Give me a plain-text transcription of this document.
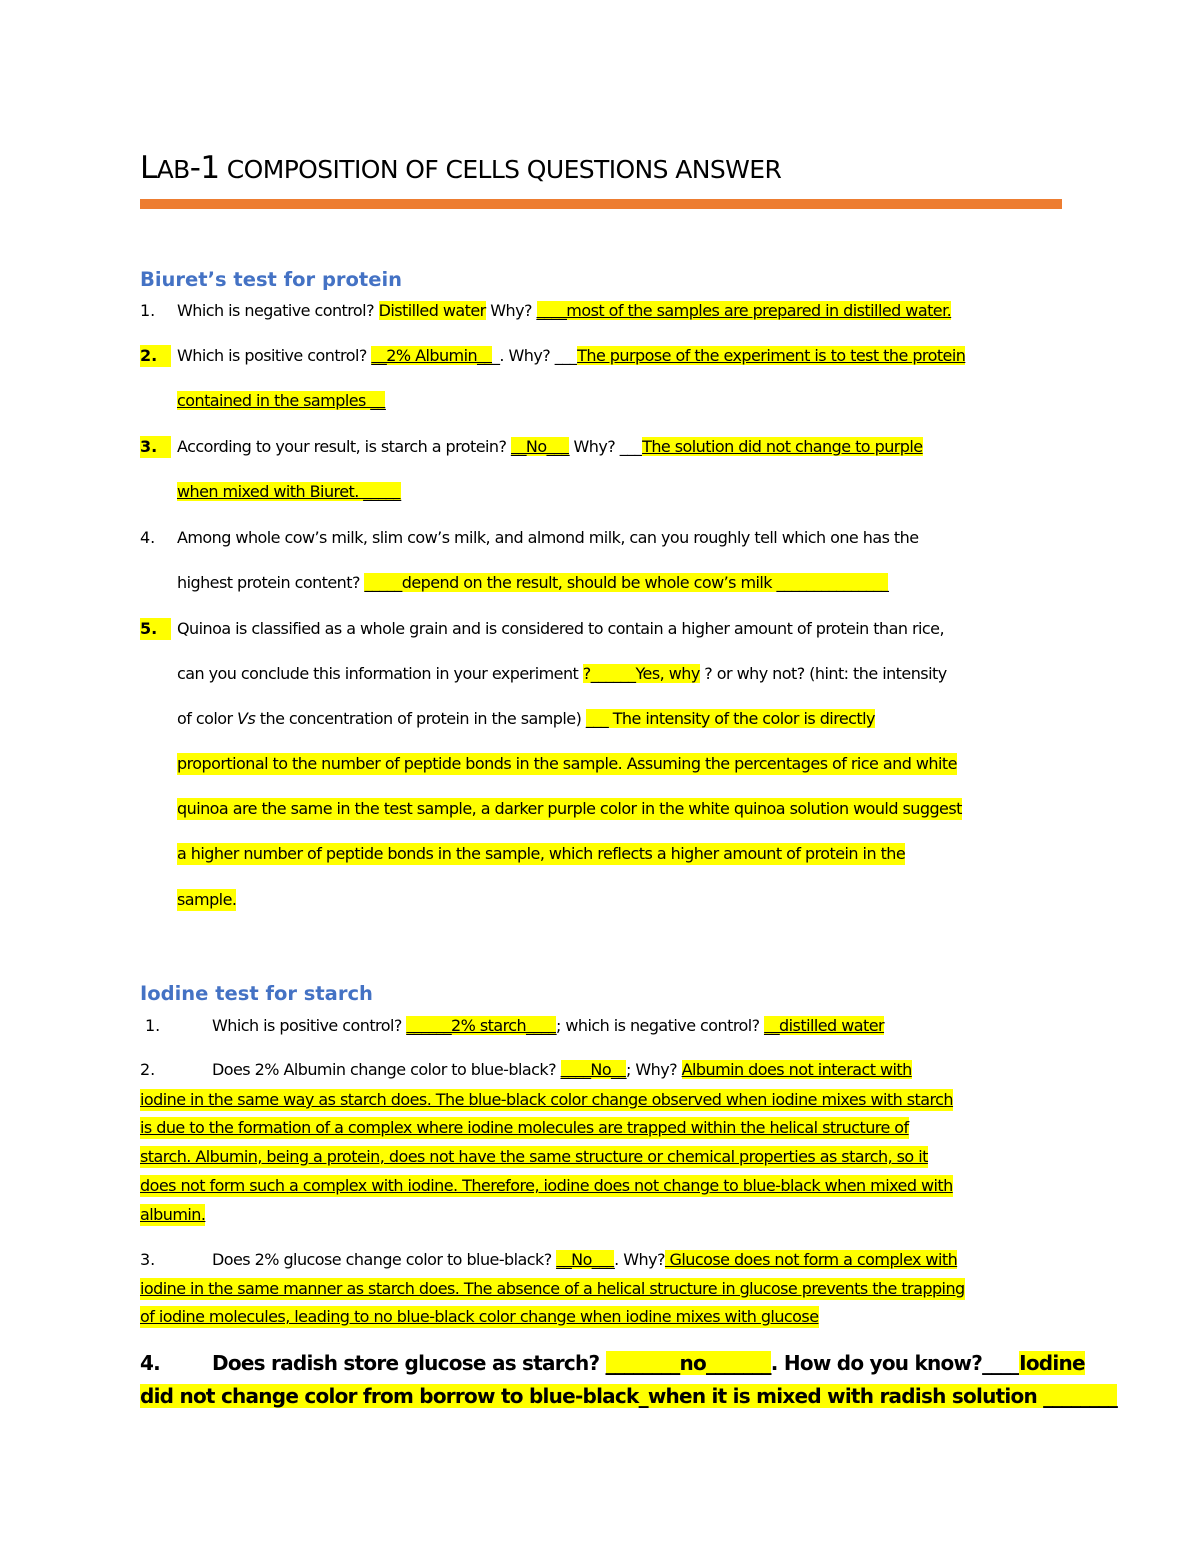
LAB-1 COMPOSITION OF CELLS QUESTIONS ANSWER
Biuret’s test for protein
1. Which is negative control? Distilled water Why? ____most of the samples are prepared in distilled water.
2.	Which is positive control? __2% Albumin___. Why? ___The purpose of the experiment is to test the protein
contained in the samples __
3.	According to your result, is starch a protein? __No___ Why? ___The solution did not change to purple
when mixed with Biuret. _____
4. Among whole cow’s milk, slim cow’s milk, and almond milk, can you roughly tell which one has the
highest protein content? _____depend on the result, should be whole cow’s milk _______________
5.	Quinoa is classified as a whole grain and is considered to contain a higher amount of protein than rice,
can you conclude this information in your experiment ?______Yes, why ? or why not? (hint: the intensity
of color Vs the concentration of protein in the sample) ___ The intensity of the color is directly
proportional to the number of peptide bonds in the sample. Assuming the percentages of rice and white
quinoa are the same in the test sample, a darker purple color in the white quinoa solution would suggest
a higher number of peptide bonds in the sample, which reflects a higher amount of protein in the
sample.
Iodine test for starch
1.	Which is positive control? ______2% starch____; which is negative control? __distilled water
2.	Does 2% Albumin change color to blue-black? ____No__; Why? Albumin does not interact with
iodine in the same way as starch does. The blue-black color change observed when iodine mixes with starch
is due to the formation of a complex where iodine molecules are trapped within the helical structure of
starch. Albumin, being a protein, does not have the same structure or chemical properties as starch, so it
does not form such a complex with iodine. Therefore, iodine does not change to blue-black when mixed with
albumin.
3.	Does 2% glucose change color to blue-black? __No___. Why? Glucose does not form a complex with
iodine in the same manner as starch does. The absence of a helical structure in glucose prevents the trapping
of iodine molecules, leading to no blue-black color change when iodine mixes with glucose
4.	Does radish store glucose as starch? ________no_______. How do you know?____Iodine
did not change color from borrow to blue-black_when it is mixed with radish solution ________
